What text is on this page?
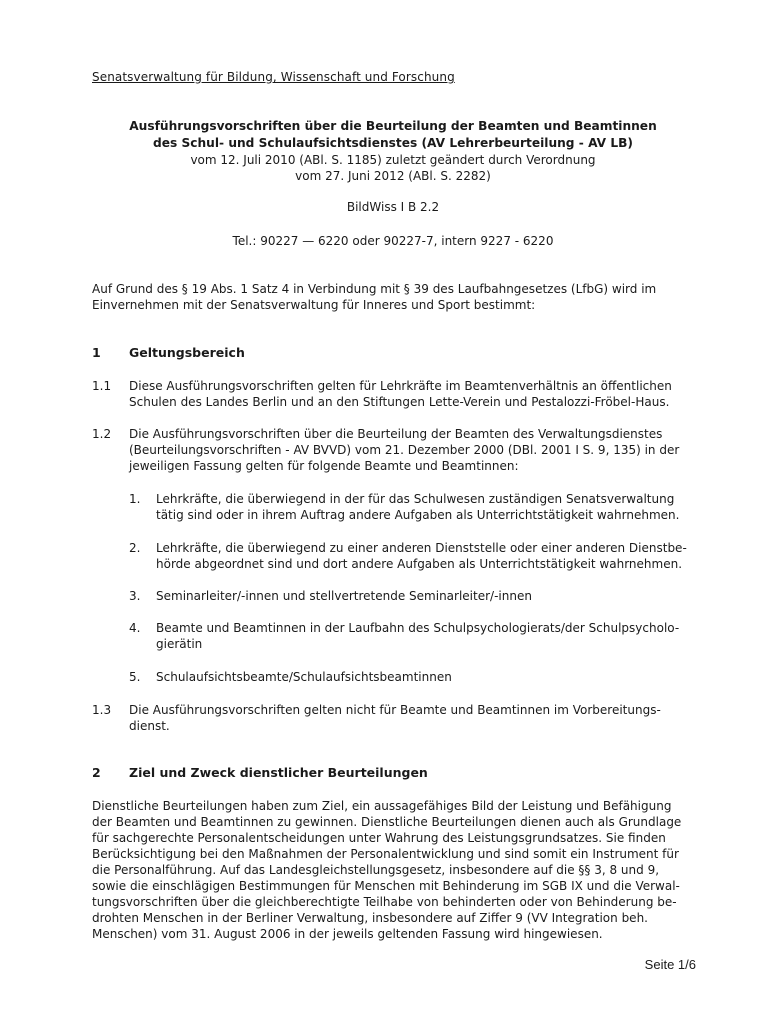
Senatsverwaltung für Bildung, Wissenschaft und Forschung
Ausführungsvorschriften über die Beurteilung der Beamten und Beamtinnen
des Schul- und Schulaufsichtsdienstes (AV Lehrerbeurteilung - AV LB)
vom 12. Juli 2010 (ABl. S. 1185) zuletzt geändert durch Verordnung
vom 27. Juni 2012 (ABl. S. 2282)
BildWiss I B 2.2
Tel.: 90227 — 6220 oder 90227-7, intern 9227 - 6220
Auf Grund des § 19 Abs. 1 Satz 4 in Verbindung mit § 39 des Laufbahngesetzes (LfbG) wird im
Einvernehmen mit der Senatsverwaltung für Inneres und Sport bestimmt:
1 Geltungsbereich
1.1 Diese Ausführungsvorschriften gelten für Lehrkräfte im Beamtenverhältnis an öffentlichen
Schulen des Landes Berlin und an den Stiftungen Lette-Verein und Pestalozzi-Fröbel-Haus.
1.2 Die Ausführungsvorschriften über die Beurteilung der Beamten des Verwaltungsdienstes
(Beurteilungsvorschriften - AV BVVD) vom 21. Dezember 2000 (DBl. 2001 I S. 9, 135) in der
jeweiligen Fassung gelten für folgende Beamte und Beamtinnen:
1. Lehrkräfte, die überwiegend in der für das Schulwesen zuständigen Senatsverwaltung
tätig sind oder in ihrem Auftrag andere Aufgaben als Unterrichtstätigkeit wahrnehmen.
2. Lehrkräfte, die überwiegend zu einer anderen Dienststelle oder einer anderen Dienstbe-
hörde abgeordnet sind und dort andere Aufgaben als Unterrichtstätigkeit wahrnehmen.
3. Seminarleiter/-innen und stellvertretende Seminarleiter/-innen
4. Beamte und Beamtinnen in der Laufbahn des Schulpsychologierats/der Schulpsycholo-
gierätin
5. Schulaufsichtsbeamte/Schulaufsichtsbeamtinnen
1.3 Die Ausführungsvorschriften gelten nicht für Beamte und Beamtinnen im Vorbereitungs-
dienst.
2 Ziel und Zweck dienstlicher Beurteilungen
Dienstliche Beurteilungen haben zum Ziel, ein aussagefähiges Bild der Leistung und Befähigung
der Beamten und Beamtinnen zu gewinnen. Dienstliche Beurteilungen dienen auch als Grundlage
für sachgerechte Personalentscheidungen unter Wahrung des Leistungsgrundsatzes. Sie finden
Berücksichtigung bei den Maßnahmen der Personalentwicklung und sind somit ein Instrument für
die Personalführung. Auf das Landesgleichstellungsgesetz, insbesondere auf die §§ 3, 8 und 9,
sowie die einschlägigen Bestimmungen für Menschen mit Behinderung im SGB IX und die Verwal-
tungsvorschriften über die gleichberechtigte Teilhabe von behinderten oder von Behinderung be-
drohten Menschen in der Berliner Verwaltung, insbesondere auf Ziffer 9 (VV Integration beh.
Menschen) vom 31. August 2006 in der jeweils geltenden Fassung wird hingewiesen.
Seite 1/6
